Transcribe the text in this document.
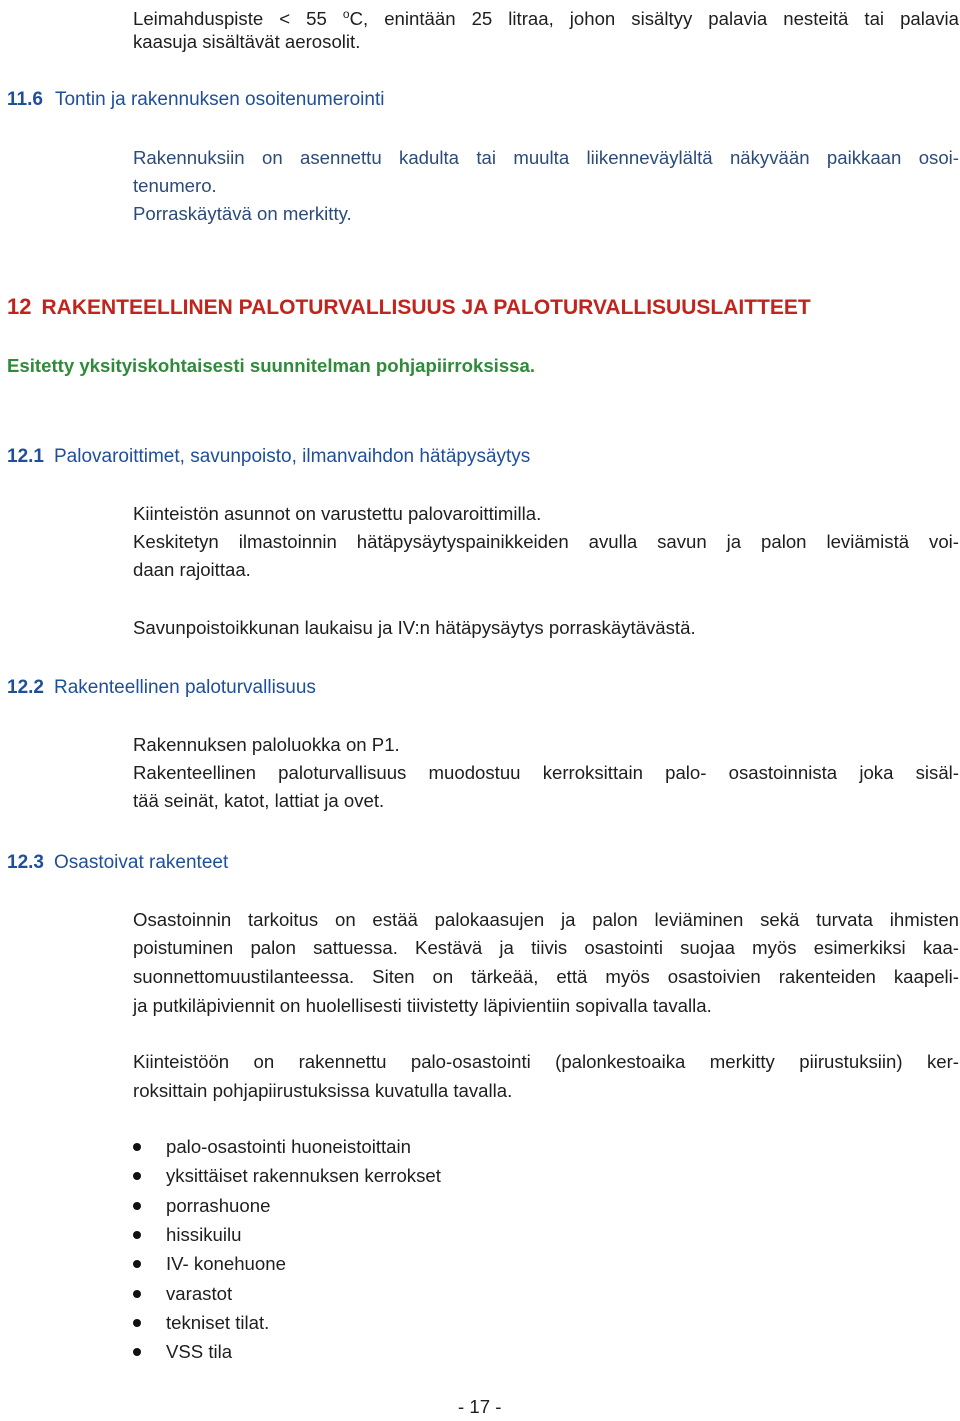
Leimahduspiste < 55 $^o$C, enintään 25 litraa, johon sisältyy palavia nesteitä tai palavia
kaasuja sisältävät aerosolit.
11.6 Tontin ja rakennuksen osoitenumerointi
Rakennuksiin on asennettu kadulta tai muulta liikenneväylältä näkyvään paikkaan osoi-
tenumero.
Porraskäytävä on merkitty.
12 RAKENTEELLINEN PALOTURVALLISUUS JA PALOTURVALLISUUSLAITTEET
Esitetty yksityiskohtaisesti suunnitelman pohjapiirroksissa.
12.1 Palovaroittimet, savunpoisto, ilmanvaihdon hätäpysäytys
Kiinteistön asunnot on varustettu palovaroittimilla.
Keskitetyn ilmastoinnin hätäpysäytyspainikkeiden avulla savun ja palon leviämistä voi-
daan rajoittaa.
Savunpoistoikkunan laukaisu ja IV:n hätäpysäytys porraskäytävästä.
12.2 Rakenteellinen paloturvallisuus
Rakennuksen paloluokka on P1.
Rakenteellinen paloturvallisuus muodostuu kerroksittain palo- osastoinnista joka sisäl-
tää seinät, katot, lattiat ja ovet.
12.3 Osastoivat rakenteet
Osastoinnin tarkoitus on estää palokaasujen ja palon leviäminen sekä turvata ihmisten
poistuminen palon sattuessa. Kestävä ja tiivis osastointi suojaa myös esimerkiksi kaa-
suonnettomuustilanteessa. Siten on tärkeää, että myös osastoivien rakenteiden kaapeli-
ja putkiläpiviennit on huolellisesti tiivistetty läpivientiin sopivalla tavalla.
Kiinteistöön on rakennettu palo-osastointi (palonkestoaika merkitty piirustuksiin) ker-
roksittain pohjapiirustuksissa kuvatulla tavalla.
palo-osastointi huoneistoittain
yksittäiset rakennuksen kerrokset
porrashuone
hissikuilu
IV- konehuone
varastot
tekniset tilat.
VSS tila
- 17 -
